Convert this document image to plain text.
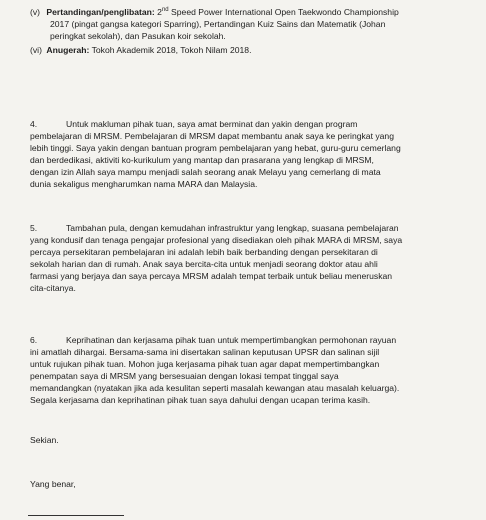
(v) Pertandingan/penglibatan: 2nd Speed Power International Open Taekwondo Championship
2017 (pingat gangsa kategori Sparring), Pertandingan Kuiz Sains dan Matematik (Johan
peringkat sekolah), dan Pasukan koir sekolah.
(vi) Anugerah: Tokoh Akademik 2018, Tokoh Nilam 2018.

4.	Untuk makluman pihak tuan, saya amat berminat dan yakin dengan program

pembelajaran di MRSM. Pembelajaran di MRSM dapat membantu anak saya ke peringkat yang

lebih tinggi. Saya yakin dengan bantuan program pembelajaran yang hebat, guru-guru cemerlang

dan berdedikasi, aktiviti ko-kurikulum yang mantap dan prasarana yang lengkap di MRSM,

dengan izin Allah saya mampu menjadi salah seorang anak Melayu yang cemerlang di mata

dunia sekaligus mengharumkan nama MARA dan Malaysia.

5.	Tambahan pula, dengan kemudahan infrastruktur yang lengkap, suasana pembelajaran

yang kondusif dan tenaga pengajar profesional yang disediakan oleh pihak MARA di MRSM, saya

percaya persekitaran pembelajaran ini adalah lebih baik berbanding dengan persekitaran di

sekolah harian dan di rumah. Anak saya bercita-cita untuk menjadi seorang doktor atau ahli

farmasi yang berjaya dan saya percaya MRSM adalah tempat terbaik untuk beliau meneruskan

cita-citanya.

6.	Keprihatinan dan kerjasama pihak tuan untuk mempertimbangkan permohonan rayuan

ini amatlah dihargai. Bersama-sama ini disertakan salinan keputusan UPSR dan salinan sijil

untuk rujukan pihak tuan. Mohon juga kerjasama pihak tuan agar dapat mempertimbangkan

penempatan saya di MRSM yang bersesuaian dengan lokasi tempat tinggal saya

memandangkan (nyatakan jika ada kesulitan seperti masalah kewangan atau masalah keluarga).

Segala kerjasama dan keprihatinan pihak tuan saya dahului dengan ucapan terima kasih.

Sekian.
Yang benar,
